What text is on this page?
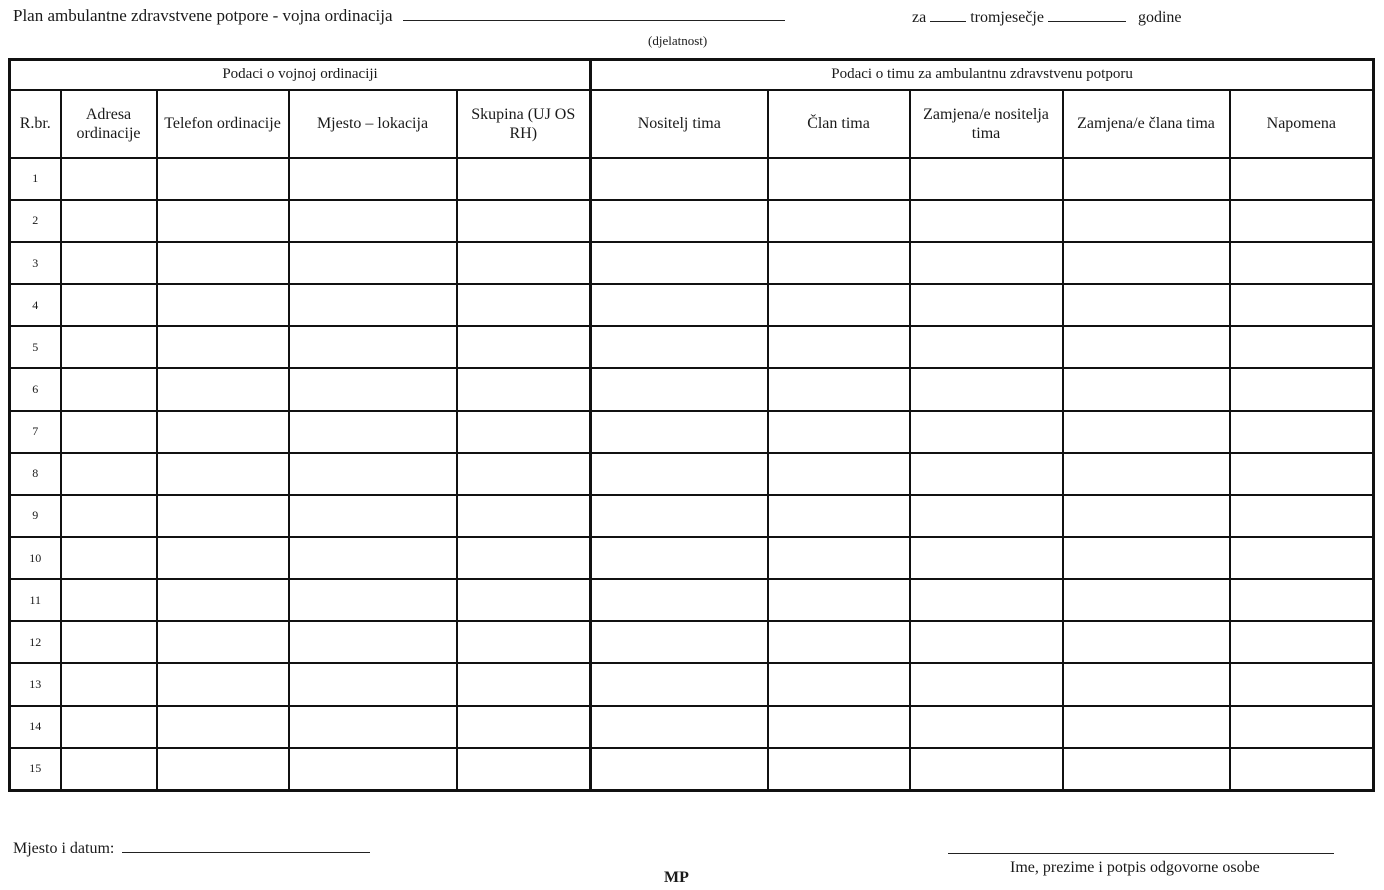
Plan ambulantne zdravstvene potpore - vojna ordinacija
(djelatnost)
za	tromjesečje	godine
Podaci o vojnoj ordinaciji					Podaci o timu za ambulantnu zdravstvenu potporu				
R.br.	Adresa ordinacije	Telefon ordinacije	Mjesto – lokacija	Skupina (UJ OS RH)	Nositelj tima	Član tima	Zamjena/e nositelja tima	Zamjena/e člana tima	Napomena
1									
2									
3									
4									
5									
6									
7									
8									
9									
10									
11									
12									
13									
14									
15									
Mjesto i datum:
Ime, prezime i potpis odgovorne osobe
MP
